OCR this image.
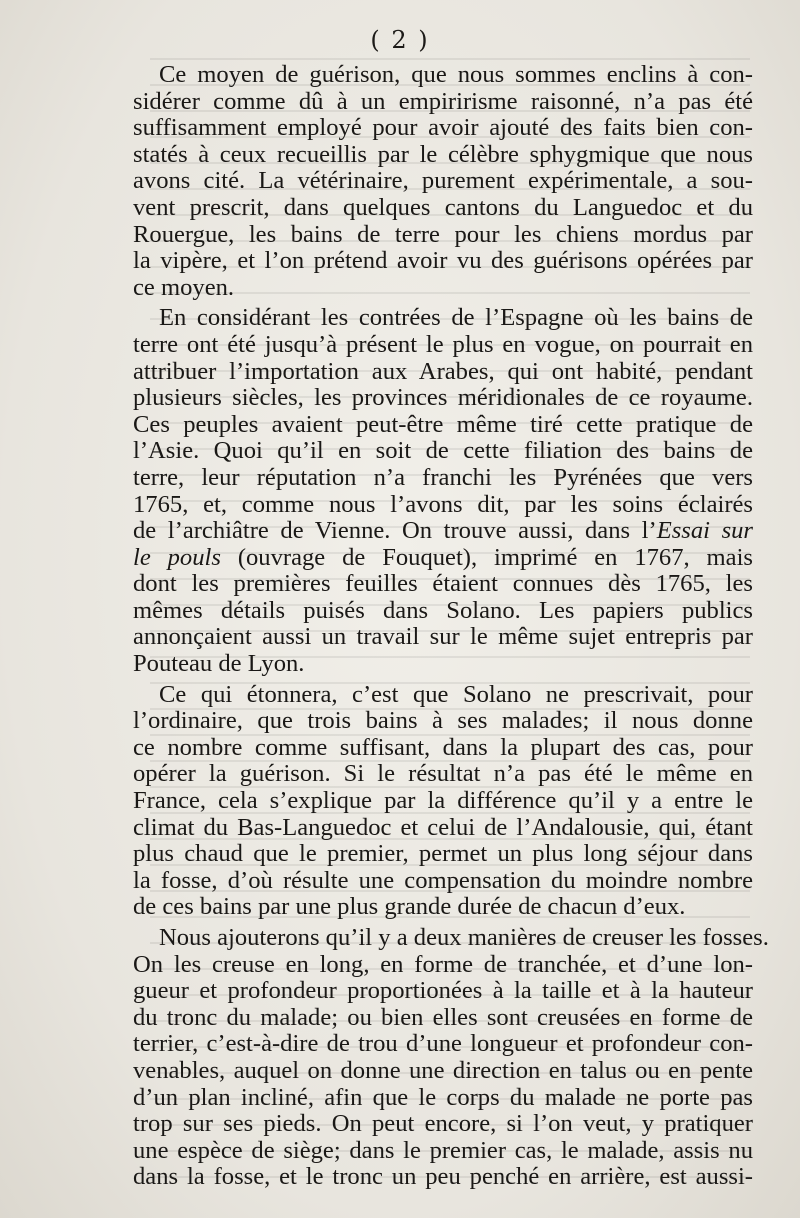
( 2 )
Ce moyen de guérison, que nous sommes enclins à con-
sidérer comme dû à un empiririsme raisonné, n’a pas été
suffisamment employé pour avoir ajouté des faits bien con-
statés à ceux recueillis par le célèbre sphygmique que nous
avons cité. La vétérinaire, purement expérimentale, a sou-
vent prescrit, dans quelques cantons du Languedoc et du
Rouergue, les bains de terre pour les chiens mordus par
la vipère, et l’on prétend avoir vu des guérisons opérées par
ce moyen.
En considérant les contrées de l’Espagne où les bains de
terre ont été jusqu’à présent le plus en vogue, on pourrait en
attribuer l’importation aux Arabes, qui ont habité, pendant
plusieurs siècles, les provinces méridionales de ce royaume.
Ces peuples avaient peut-être même tiré cette pratique de
l’Asie. Quoi qu’il en soit de cette filiation des bains de
terre, leur réputation n’a franchi les Pyrénées que vers
1765, et, comme nous l’avons dit, par les soins éclairés
de l’archiâtre de Vienne. On trouve aussi, dans l’Essai sur
le pouls (ouvrage de Fouquet), imprimé en 1767, mais
dont les premières feuilles étaient connues dès 1765, les
mêmes détails puisés dans Solano. Les papiers publics
annonçaient aussi un travail sur le même sujet entrepris par
Pouteau de Lyon.
Ce qui étonnera, c’est que Solano ne prescrivait, pour
l’ordinaire, que trois bains à ses malades; il nous donne
ce nombre comme suffisant, dans la plupart des cas, pour
opérer la guérison. Si le résultat n’a pas été le même en
France, cela s’explique par la différence qu’il y a entre le
climat du Bas-Languedoc et celui de l’Andalousie, qui, étant
plus chaud que le premier, permet un plus long séjour dans
la fosse, d’où résulte une compensation du moindre nombre
de ces bains par une plus grande durée de chacun d’eux.
Nous ajouterons qu’il y a deux manières de creuser les fosses.
On les creuse en long, en forme de tranchée, et d’une lon-
gueur et profondeur proportionées à la taille et à la hauteur
du tronc du malade; ou bien elles sont creusées en forme de
terrier, c’est-à-dire de trou d’une longueur et profondeur con-
venables, auquel on donne une direction en talus ou en pente
d’un plan incliné, afin que le corps du malade ne porte pas
trop sur ses pieds. On peut encore, si l’on veut, y pratiquer
une espèce de siège; dans le premier cas, le malade, assis nu
dans la fosse, et le tronc un peu penché en arrière, est aussi-
